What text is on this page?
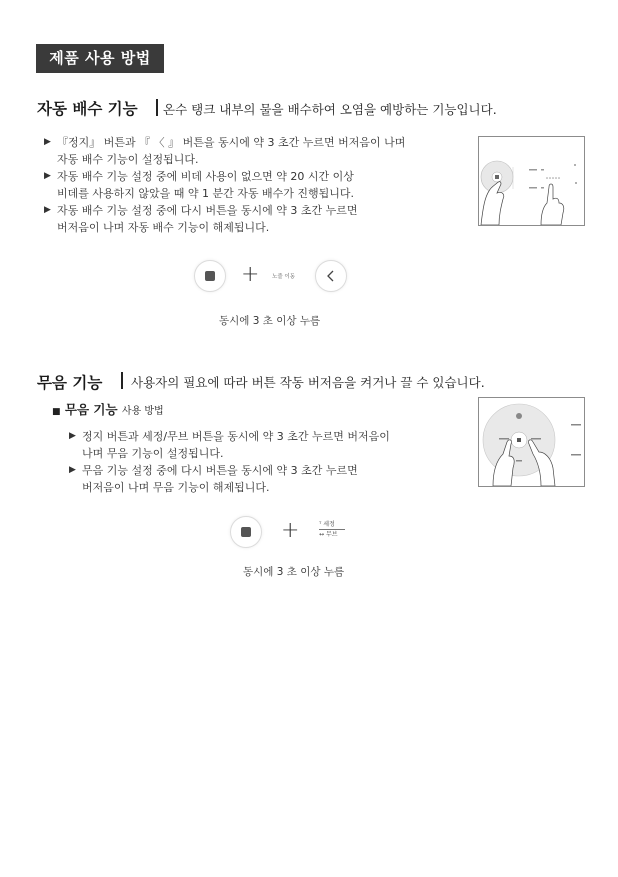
제품 사용 방법
자동 배수 기능 온수 탱크 내부의 물을 배수하여 오염을 예방하는 기능입니다.
▶ 『정지』 버튼과 『 〈 』 버튼을 동시에 약 3 초간 누르면 버저음이 나며
자동 배수 기능이 설정됩니다.
▶ 자동 배수 기능 설정 중에 비데 사용이 없으면 약 20 시간 이상
비데를 사용하지 않았을 때 약 1 분간 자동 배수가 진행됩니다.
▶ 자동 배수 기능 설정 중에 다시 버튼을 동시에 약 3 초간 누르면
버저음이 나며 자동 배수 기능이 해제됩니다.
+ 노즐 이동
동시에 3 초 이상 누름
무음 기능 사용자의 필요에 따라 버튼 작동 버저음을 켜거나 끌 수 있습니다.
■ 무음 기능 사용 방법
▶ 정지 버튼과 세정/무브 버튼을 동시에 약 3 초간 누르면 버저음이
나며 무음 기능이 설정됩니다.
▶ 무음 기능 설정 중에 다시 버튼을 동시에 약 3 초간 누르면
버저음이 나며 무음 기능이 해제됩니다.
+	ᵀ 세정
↔ 무브
동시에 3 초 이상 누름
